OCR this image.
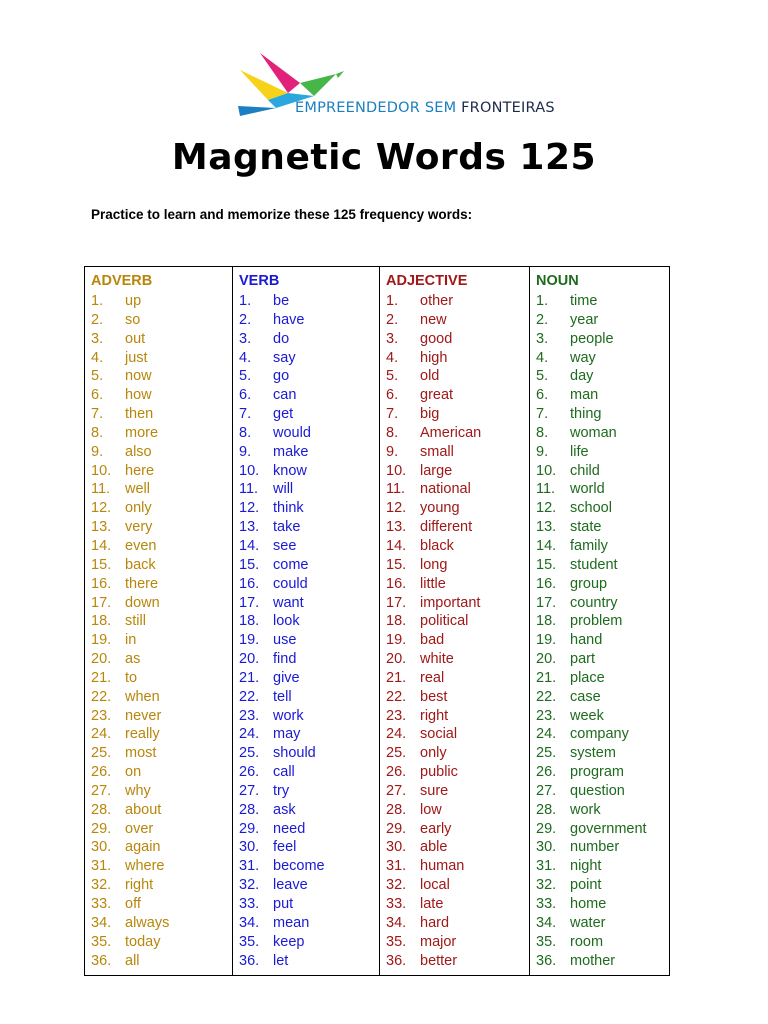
EMPREENDEDOR SEM FRONTEIRAS
Magnetic Words 125
Practice to learn and memorize these 125 frequency words:
ADVERB
1. up
2. so
3. out
4. just
5. now
6. how
7. then
8. more
9. also
10. here
11. well
12. only
13. very
14. even
15. back
16. there
17. down
18. still
19. in
20. as
21. to
22. when
23. never
24. really
25. most
26. on
27. why
28. about
29. over
30. again
31. where
32. right
33. off
34. always
35. today
36. all
VERB
1. be
2. have
3. do
4. say
5. go
6. can
7. get
8. would
9. make
10. know
11. will
12. think
13. take
14. see
15. come
16. could
17. want
18. look
19. use
20. find
21. give
22. tell
23. work
24. may
25. should
26. call
27. try
28. ask
29. need
30. feel
31. become
32. leave
33. put
34. mean
35. keep
36. let
ADJECTIVE
1. other
2. new
3. good
4. high
5. old
6. great
7. big
8. American
9. small
10. large
11. national
12. young
13. different
14. black
15. long
16. little
17. important
18. political
19. bad
20. white
21. real
22. best
23. right
24. social
25. only
26. public
27. sure
28. low
29. early
30. able
31. human
32. local
33. late
34. hard
35. major
36. better
NOUN
1. time
2. year
3. people
4. way
5. day
6. man
7. thing
8. woman
9. life
10. child
11. world
12. school
13. state
14. family
15. student
16. group
17. country
18. problem
19. hand
20. part
21. place
22. case
23. week
24. company
25. system
26. program
27. question
28. work
29. government
30. number
31. night
32. point
33. home
34. water
35. room
36. mother
